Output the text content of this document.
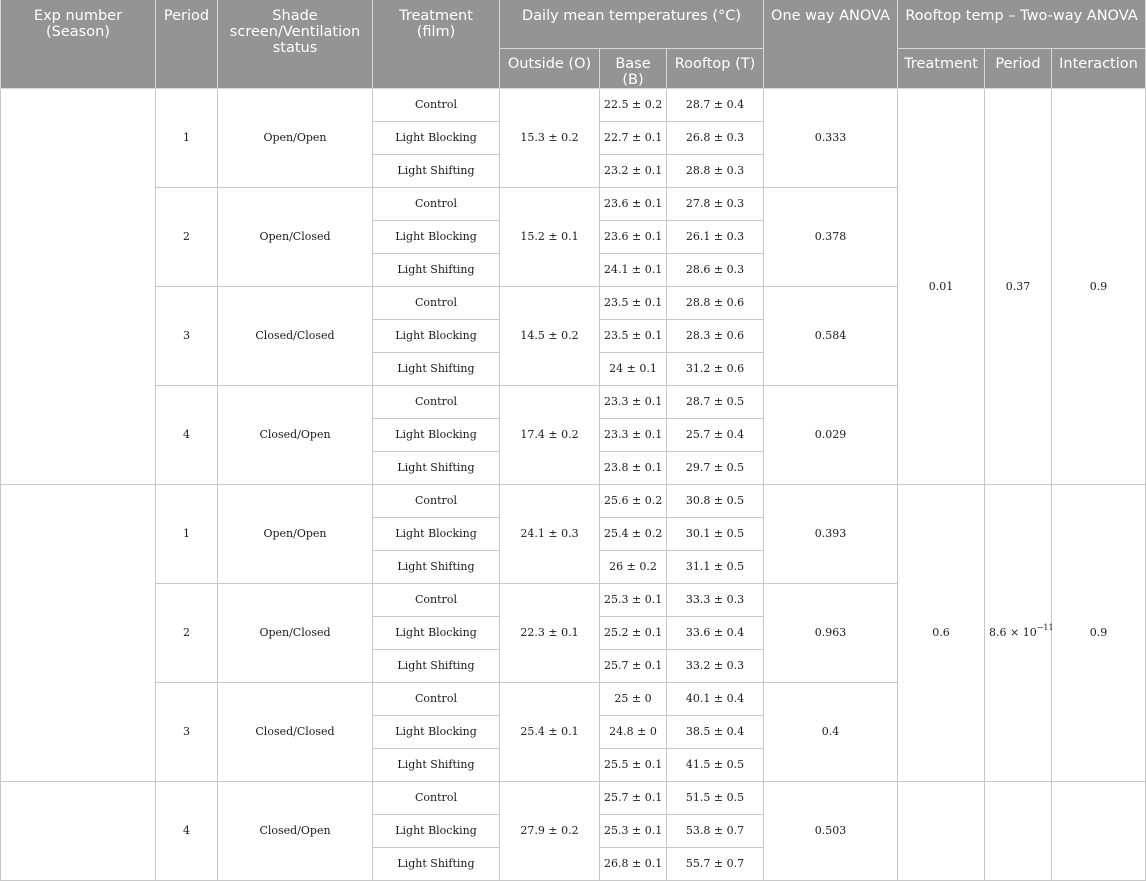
Exp number (Season)	Period	Shade screen/Ventilation status	Treatment (film)	Daily mean temperatures (°C)			One way ANOVA	Rooftop temp – Two-way ANOVA		
				Outside (O)	Base (B)	Rooftop (T)		Treatment	Period	Interaction
	1	Open/Open	Control	15.3 ± 0.2	22.5 ± 0.2	28.7 ± 0.4	0.333	0.01	0.37	0.9
			Light Blocking		22.7 ± 0.1	26.8 ± 0.3				
			Light Shifting		23.2 ± 0.1	28.8 ± 0.3				
	2	Open/Closed	Control	15.2 ± 0.1	23.6 ± 0.1	27.8 ± 0.3	0.378			
			Light Blocking		23.6 ± 0.1	26.1 ± 0.3				
			Light Shifting		24.1 ± 0.1	28.6 ± 0.3				
	3	Closed/Closed	Control	14.5 ± 0.2	23.5 ± 0.1	28.8 ± 0.6	0.584			
			Light Blocking		23.5 ± 0.1	28.3 ± 0.6				
			Light Shifting		24 ± 0.1	31.2 ± 0.6				
	4	Closed/Open	Control	17.4 ± 0.2	23.3 ± 0.1	28.7 ± 0.5	0.029			
			Light Blocking		23.3 ± 0.1	25.7 ± 0.4				
			Light Shifting		23.8 ± 0.1	29.7 ± 0.5				
	1	Open/Open	Control	24.1 ± 0.3	25.6 ± 0.2	30.8 ± 0.5	0.393	0.6	$8.6 \times 10^{-11}$	0.9
			Light Blocking		25.4 ± 0.2	30.1 ± 0.5				
			Light Shifting		26 ± 0.2	31.1 ± 0.5				
	2	Open/Closed	Control	22.3 ± 0.1	25.3 ± 0.1	33.3 ± 0.3	0.963			
			Light Blocking		25.2 ± 0.1	33.6 ± 0.4				
			Light Shifting		25.7 ± 0.1	33.2 ± 0.3				
	3	Closed/Closed	Control	25.4 ± 0.1	25 ± 0	40.1 ± 0.4	0.4			
			Light Blocking		24.8 ± 0	38.5 ± 0.4				
			Light Shifting		25.5 ± 0.1	41.5 ± 0.5				
	4	Closed/Open	Control	27.9 ± 0.2	25.7 ± 0.1	51.5 ± 0.5	0.503			
			Light Blocking		25.3 ± 0.1	53.8 ± 0.7				
			Light Shifting		26.8 ± 0.1	55.7 ± 0.7				
